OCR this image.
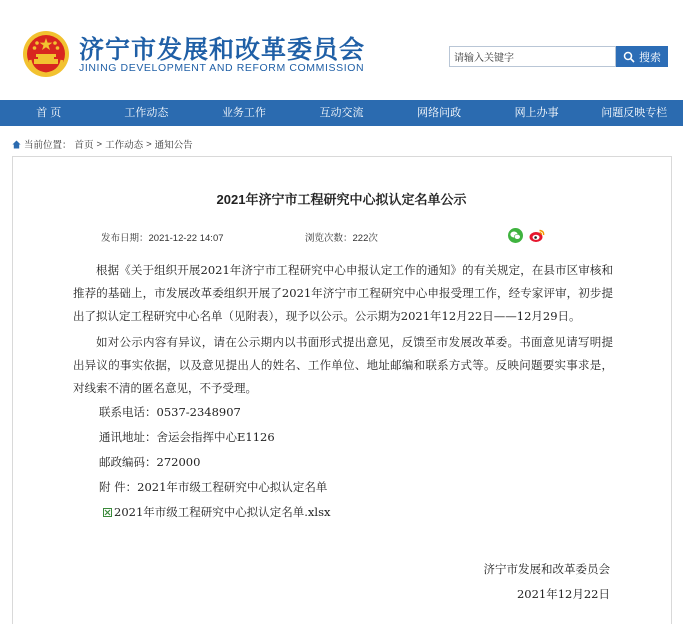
济宁市发展和改革委员会
JINING DEVELOPMENT AND REFORM COMMISSION
请输入关键字
搜索
首 页	工作动态	业务工作	互动交流	网络问政	网上办事	问题反映专栏
当前位置： 首页 > 工作动态 > 通知公告
2021年济宁市工程研究中心拟认定名单公示
发布日期：2021-12-22 14:07	浏览次数：222次

根据《关于组织开展2021年济宁市工程研究中心申报认定工作的通知》的有关规定，在县市区审核和推荐的基础上，市发展改革委组织开展了2021年济宁市工程研究中心申报受理工作，经专家评审，初步提出了拟认定工程研究中心名单（见附表），现予以公示。公示期为2021年12月22日——12月29日。

如对公示内容有异议，请在公示期内以书面形式提出意见，反馈至市发展改革委。书面意见请写明提出异议的事实依据，以及意见提出人的姓名、工作单位、地址邮编和联系方式等。反映问题要实事求是，对线索不清的匿名意见，不予受理。

联系电话：0537-2348907
通讯地址：舍运会指挥中心E1126
邮政编码：272000
附 件：2021年市级工程研究中心拟认定名单
2021年市级工程研究中心拟认定名单.xlsx
济宁市发展和改革委员会
2021年12月22日
